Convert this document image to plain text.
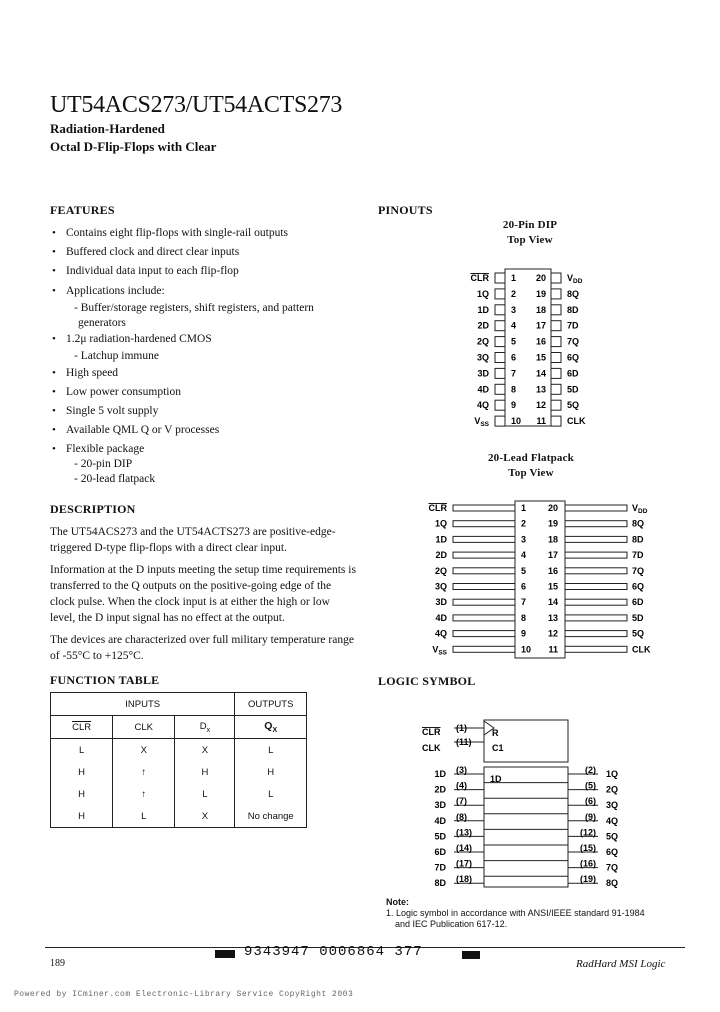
UT54ACS273/UT54ACTS273
Radiation-Hardened
Octal D-Flip-Flops with Clear
FEATURES
• Contains eight flip-flops with single-rail outputs
• Buffered clock and direct clear inputs
• Individual data input to each flip-flop
• Applications include:
- Buffer/storage registers, shift registers, and pattern
generators
• 1.2μ radiation-hardened CMOS
- Latchup immune
• High speed
• Low power consumption
• Single 5 volt supply
• Available QML Q or V processes
• Flexible package
- 20-pin DIP
- 20-lead flatpack
DESCRIPTION

The UT54ACS273 and the UT54ACTS273 are positive-edge-triggered D-type flip-flops with a direct clear input.

Information at the D inputs meeting the setup time requirements is transferred to the Q outputs on the positive-going edge of the clock pulse. When the clock input is at either the high or low level, the D input signal has no effect at the output.

The devices are characterized over full military temperature range of -55°C to +125°C.

FUNCTION TABLE
INPUTS			OUTPUTS
$\overline{CLR}$	CLK	$D_x$	$Q_X$
L	X	X	L
H	↑	H	H
H	↑	L	L
H	L	X	No change
PINOUTS
20-Pin DIP
Top View
CLR 1 20 $V_{DD}$
1Q 2 19 8Q
1D 3 18 8D
2D 4 17 7D
2Q 5 16 7Q
3Q 6 15 6Q
3D 7 14 6D
4D 8 13 5D
4Q 9 12 5Q
$V_{SS}$ 10 11 CLK
20-Lead Flatpack
Top View
CLR	1 20	$V_{DD}$
1Q	2 19	8Q
1D	3 18	8D
2D	4 17	7D
2Q	5 16	7Q
3Q	6 15	6Q
3D	7 14	6D
4D	8 13	5D
4Q	9 12	5Q
$V_{SS}$	10 11	CLK
LOGIC SYMBOL
CLR
CLK
(1)
(11)
R
C1
1D
1D (3)	(2) 1Q
2D (4)	(5) 2Q
3D (7)	(6) 3Q
4D (8)	(9) 4Q
5D (13)	(12) 5Q
6D (14)	(15) 6Q
7D (17)	(16) 7Q
8D (18)	(19) 8Q
Note:
1. Logic symbol in accordance with ANSI/IEEE standard 91-1984
and IEC Publication 617-12.
189
9343947 0006864 377
RadHard MSI Logic
Powered by ICminer.com Electronic-Library Service CopyRight 2003
